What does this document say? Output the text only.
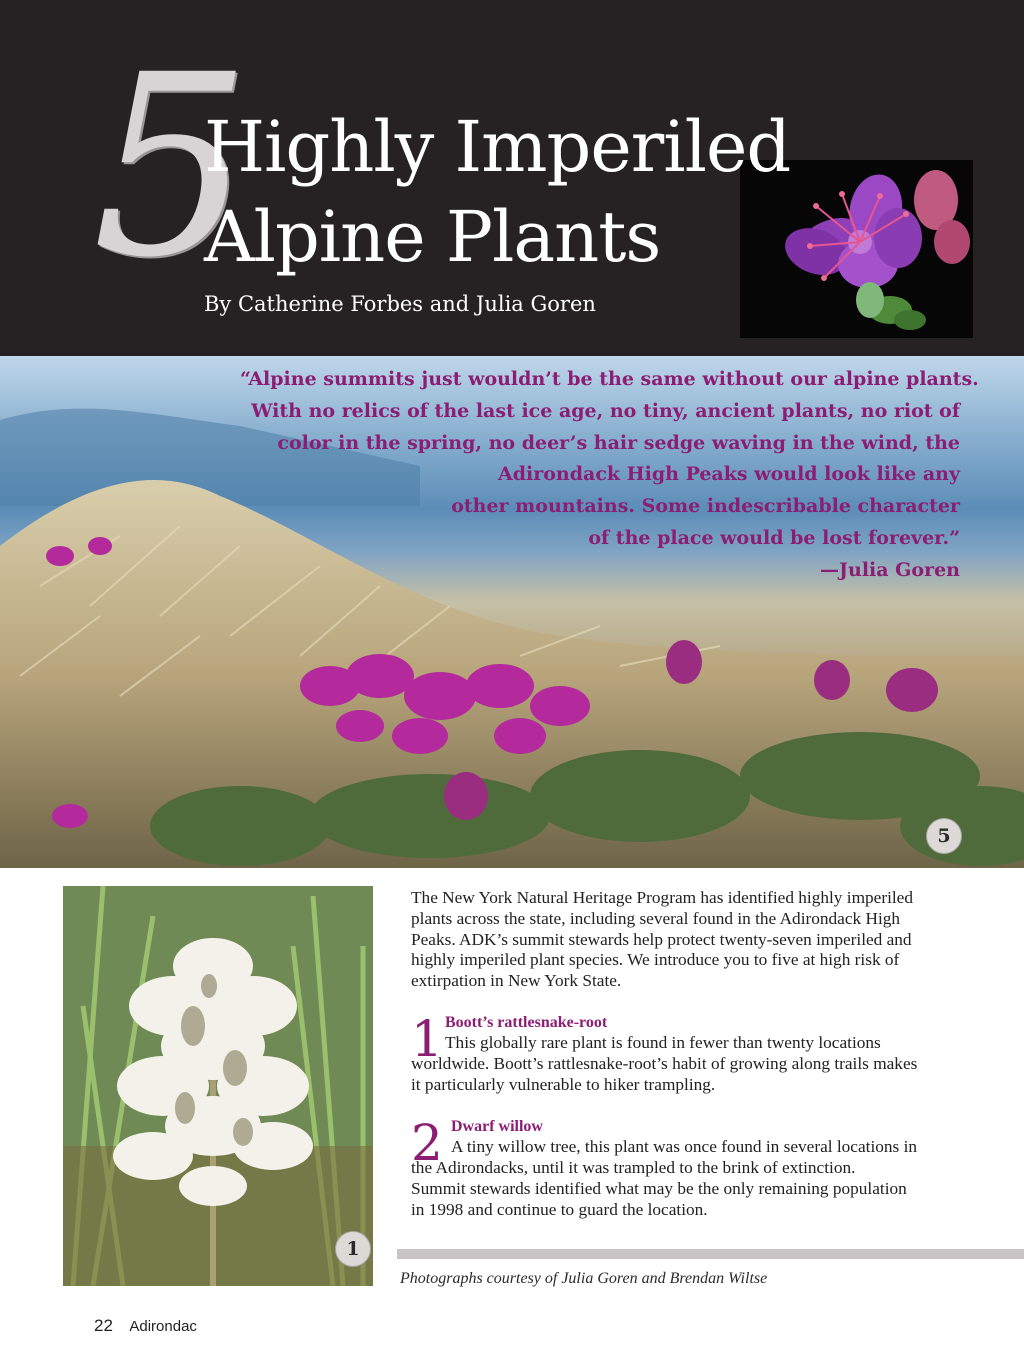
5
Highly Imperiled
Alpine Plants
By Catherine Forbes and Julia Goren
“Alpine summits just wouldn’t be the same without our alpine plants.
With no relics of the last ice age, no tiny, ancient plants, no riot of
color in the spring, no deer’s hair sedge waving in the wind, the
Adirondack High Peaks would look like any
other mountains. Some indescribable character
of the place would be lost forever.”
—Julia Goren
5
1

The New York Natural Heritage Program has identified highly imperiled
plants across the state, including several found in the Adirondack High
Peaks. ADK’s summit stewards help protect twenty-seven imperiled and
highly imperiled plant species. We introduce you to five at high risk of
extirpation in New York State.

1 Boott’s rattlesnake-root
This globally rare plant is found in fewer than twenty locations
worldwide. Boott’s rattlesnake-root’s habit of growing along trails makes
it particularly vulnerable to hiker trampling.
2 Dwarf willow
A tiny willow tree, this plant was once found in several locations in
the Adirondacks, until it was trampled to the brink of extinction.
Summit stewards identified what may be the only remaining population
in 1998 and continue to guard the location.
Photographs courtesy of Julia Goren and Brendan Wiltse
22 Adirondac
